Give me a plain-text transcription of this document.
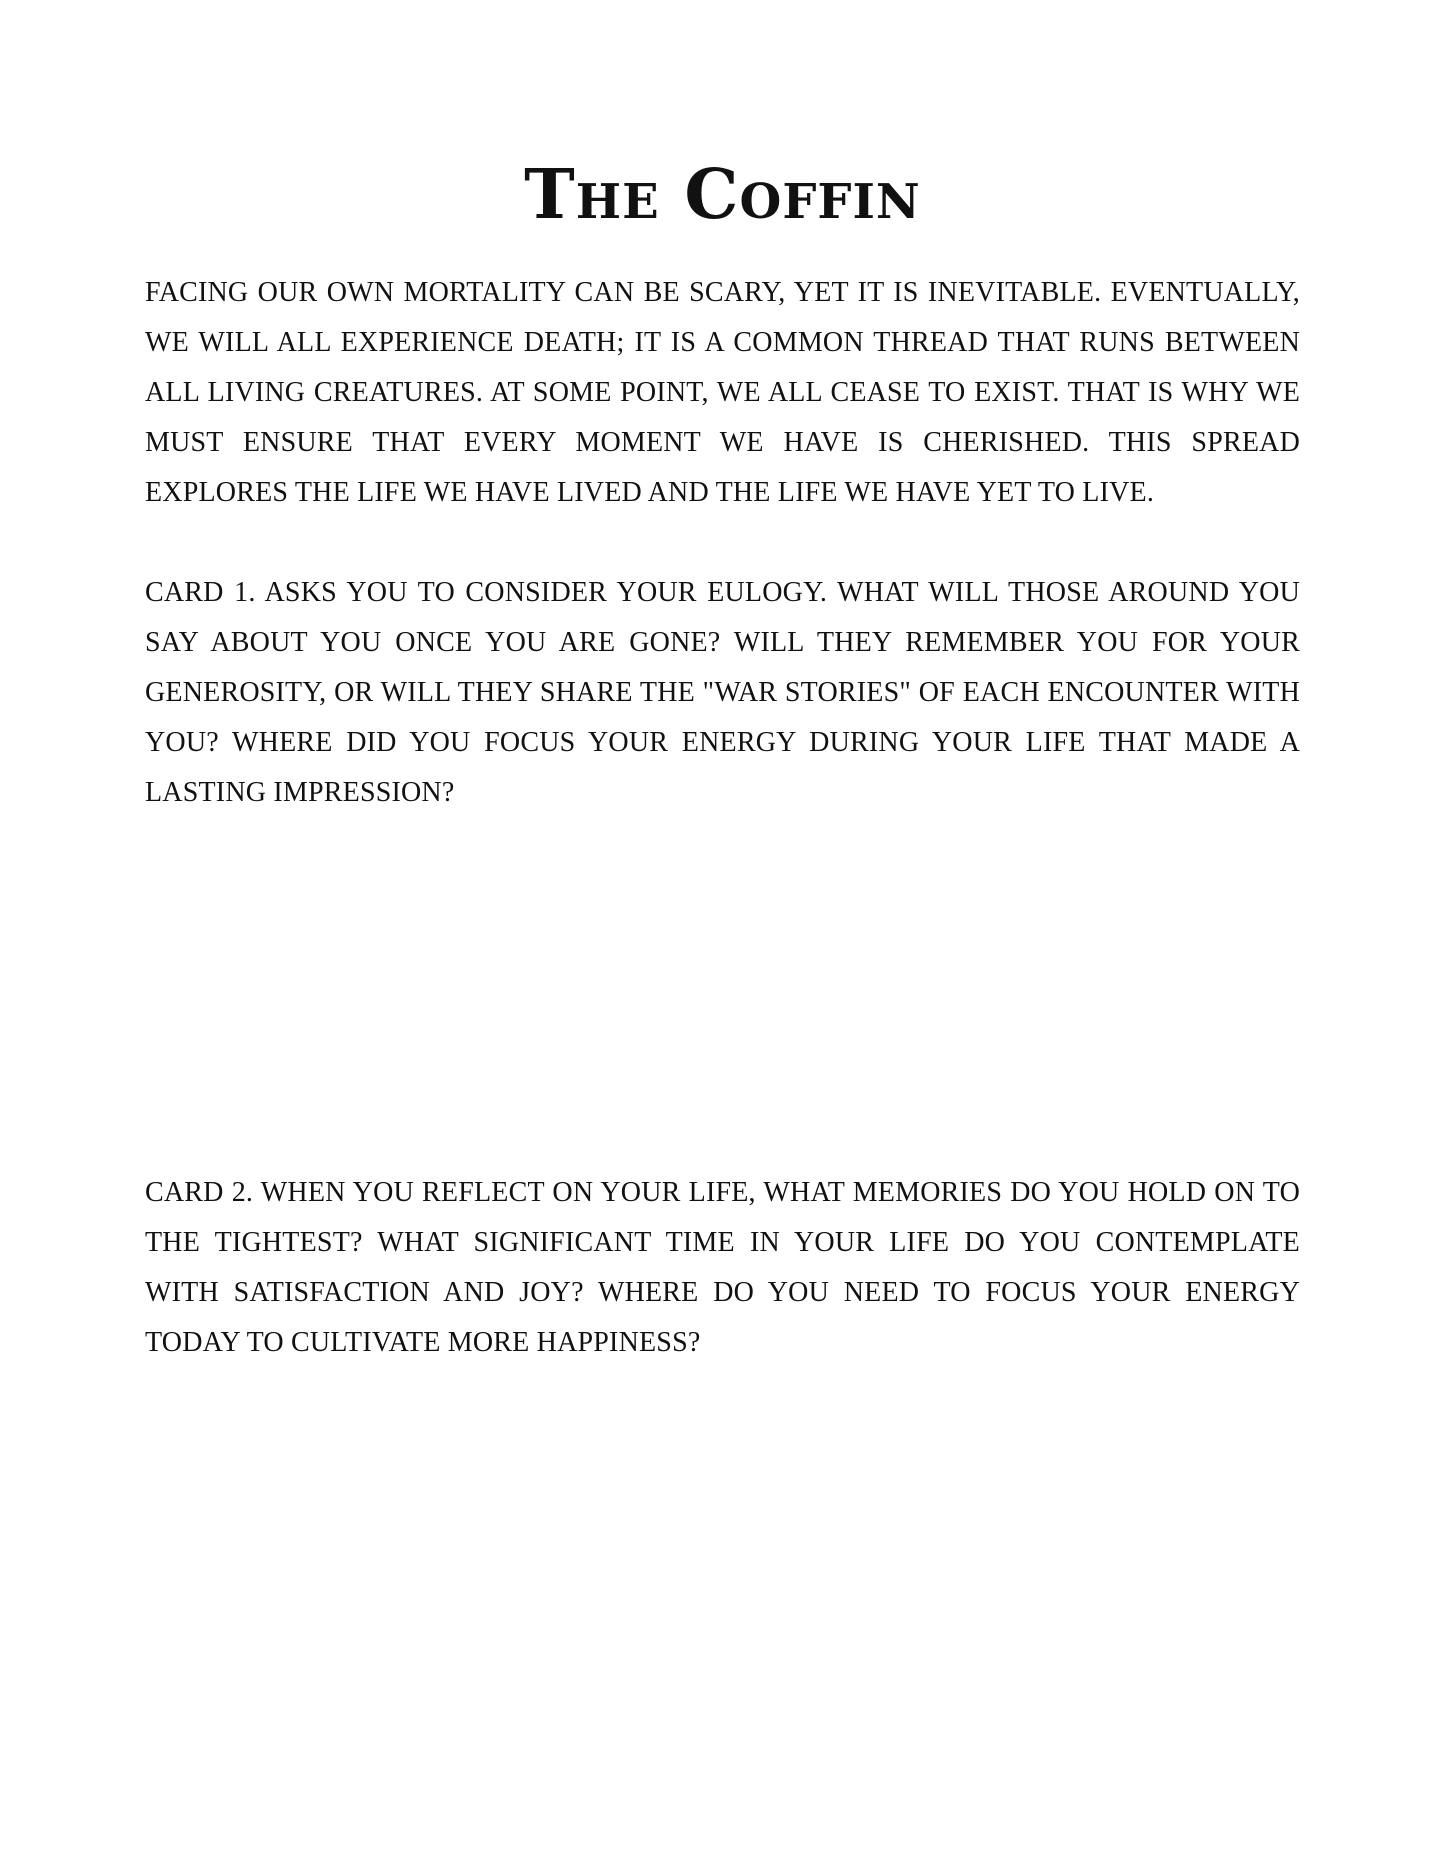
The Coffin

FACING OUR OWN MORTALITY CAN BE SCARY, YET IT IS INEVITABLE. EVENTUALLY, WE WILL ALL EXPERIENCE DEATH; IT IS A COMMON THREAD THAT RUNS BETWEEN ALL LIVING CREATURES. AT SOME POINT, WE ALL CEASE TO EXIST. THAT IS WHY WE MUST ENSURE THAT EVERY MOMENT WE HAVE IS CHERISHED. THIS SPREAD EXPLORES THE LIFE WE HAVE LIVED AND THE LIFE WE HAVE YET TO LIVE.

CARD 1. ASKS YOU TO CONSIDER YOUR EULOGY. WHAT WILL THOSE AROUND YOU SAY ABOUT YOU ONCE YOU ARE GONE? WILL THEY REMEMBER YOU FOR YOUR GENEROSITY, OR WILL THEY SHARE THE "WAR STORIES" OF EACH ENCOUNTER WITH YOU? WHERE DID YOU FOCUS YOUR ENERGY DURING YOUR LIFE THAT MADE A LASTING IMPRESSION?

CARD 2. WHEN YOU REFLECT ON YOUR LIFE, WHAT MEMORIES DO YOU HOLD ON TO THE TIGHTEST? WHAT SIGNIFICANT TIME IN YOUR LIFE DO YOU CONTEMPLATE WITH SATISFACTION AND JOY? WHERE DO YOU NEED TO FOCUS YOUR ENERGY TODAY TO CULTIVATE MORE HAPPINESS?
